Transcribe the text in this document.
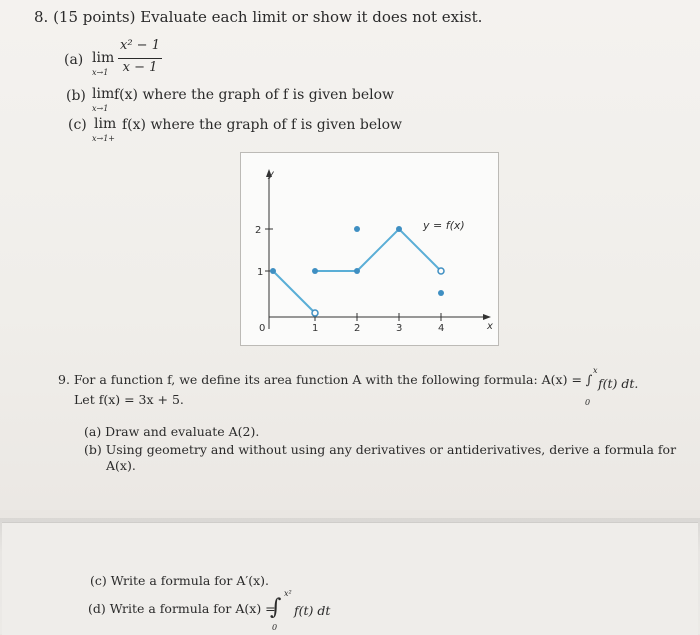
8. (15 points) Evaluate each limit or show it does not exist.
(a) lim
x→1
x² − 1
x − 1
(b) lim
x→1
f(x) where the graph of f is given below
(c) lim
x→1+
f(x) where the graph of f is given below
y
x
2
1
0	1	2	3	4
y = f(x)
9. For a function f, we define its area function A with the following formula: A(x) = ∫
x
0
f(t) dt.
Let f(x) = 3x + 5.
(a) Draw and evaluate A(2).
(b) Using geometry and without using any derivatives or antiderivatives, derive a formula for
A(x).
(c) Write a formula for A′(x).
(d) Write a formula for A(x) =
∫
x²
0
f(t) dt
